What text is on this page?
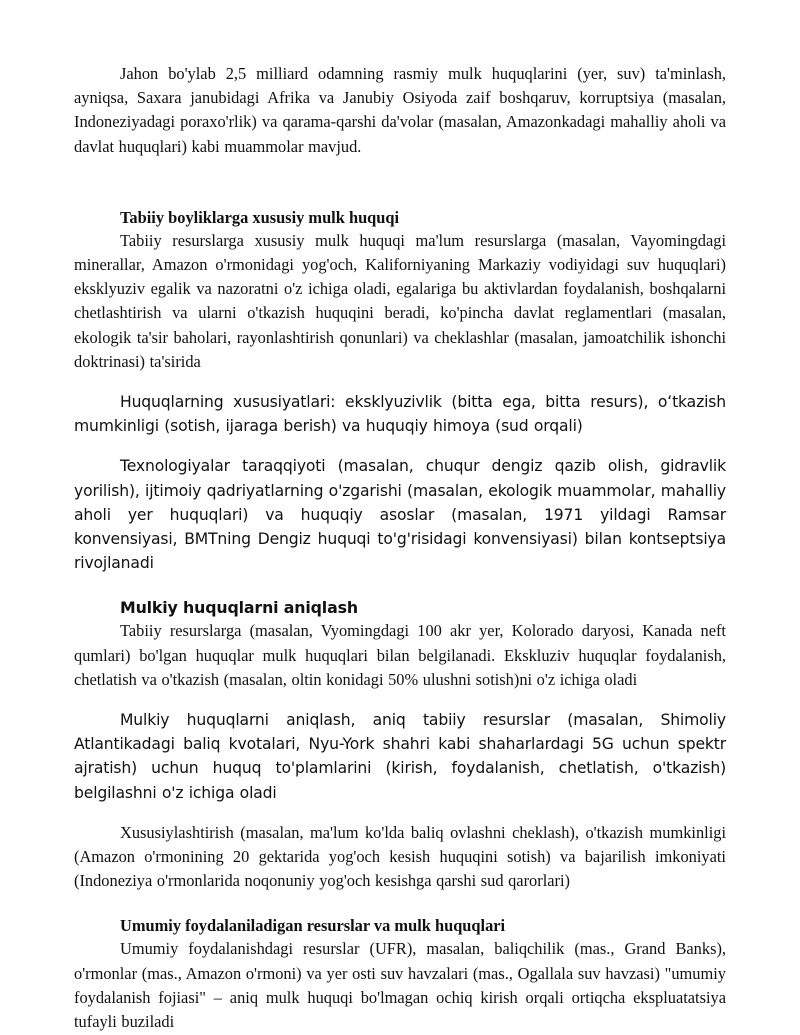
Jahon bo'ylab 2,5 milliard odamning rasmiy mulk huquqlarini (yer, suv) ta'minlash, ayniqsa, Saxara janubidagi Afrika va Janubiy Osiyoda zaif boshqaruv, korruptsiya (masalan, Indoneziyadagi poraxo'rlik) va qarama-qarshi da'volar (masalan, Amazonkadagi mahalliy aholi va davlat huquqlari) kabi muammolar mavjud.

Tabiiy boyliklarga xususiy mulk huquqi

Tabiiy resurslarga xususiy mulk huquqi ma'lum resurslarga (masalan, Vayomingdagi minerallar, Amazon o'rmonidagi yog'och, Kaliforniyaning Markaziy vodiyidagi suv huquqlari) eksklyuziv egalik va nazoratni o'z ichiga oladi, egalariga bu aktivlardan foydalanish, boshqalarni chetlashtirish va ularni o'tkazish huquqini beradi, ko'pincha davlat reglamentlari (masalan, ekologik ta'sir baholari, rayonlashtirish qonunlari) va cheklashlar (masalan, jamoatchilik ishonchi doktrinasi) ta'sirida

Huquqlarning xususiyatlari: eksklyuzivlik (bitta ega, bitta resurs), oʻtkazish mumkinligi (sotish, ijaraga berish) va huquqiy himoya (sud orqali)

Texnologiyalar taraqqiyoti (masalan, chuqur dengiz qazib olish, gidravlik yorilish), ijtimoiy qadriyatlarning o'zgarishi (masalan, ekologik muammolar, mahalliy aholi yer huquqlari) va huquqiy asoslar (masalan, 1971 yildagi Ramsar konvensiyasi, BMTning Dengiz huquqi to'g'risidagi konvensiyasi) bilan kontseptsiya rivojlanadi

Mulkiy huquqlarni aniqlash

Tabiiy resurslarga (masalan, Vyomingdagi 100 akr yer, Kolorado daryosi, Kanada neft qumlari) bo'lgan huquqlar mulk huquqlari bilan belgilanadi. Ekskluziv huquqlar foydalanish, chetlatish va o'tkazish (masalan, oltin konidagi 50% ulushni sotish)ni o'z ichiga oladi

Mulkiy huquqlarni aniqlash, aniq tabiiy resurslar (masalan, Shimoliy Atlantikadagi baliq kvotalari, Nyu-York shahri kabi shaharlardagi 5G uchun spektr ajratish) uchun huquq to'plamlarini (kirish, foydalanish, chetlatish, o'tkazish) belgilashni o'z ichiga oladi

Xususiylashtirish (masalan, ma'lum ko'lda baliq ovlashni cheklash), o'tkazish mumkinligi (Amazon o'rmonining 20 gektarida yog'och kesish huquqini sotish) va bajarilish imkoniyati (Indoneziya o'rmonlarida noqonuniy yog'och kesishga qarshi sud qarorlari)

Umumiy foydalaniladigan resurslar va mulk huquqlari

Umumiy foydalanishdagi resurslar (UFR), masalan, baliqchilik (mas., Grand Banks), o'rmonlar (mas., Amazon o'rmoni) va yer osti suv havzalari (mas., Ogallala suv havzasi) "umumiy foydalanish fojiasi" – aniq mulk huquqi bo'lmagan ochiq kirish orqali ortiqcha ekspluatatsiya tufayli buziladi
